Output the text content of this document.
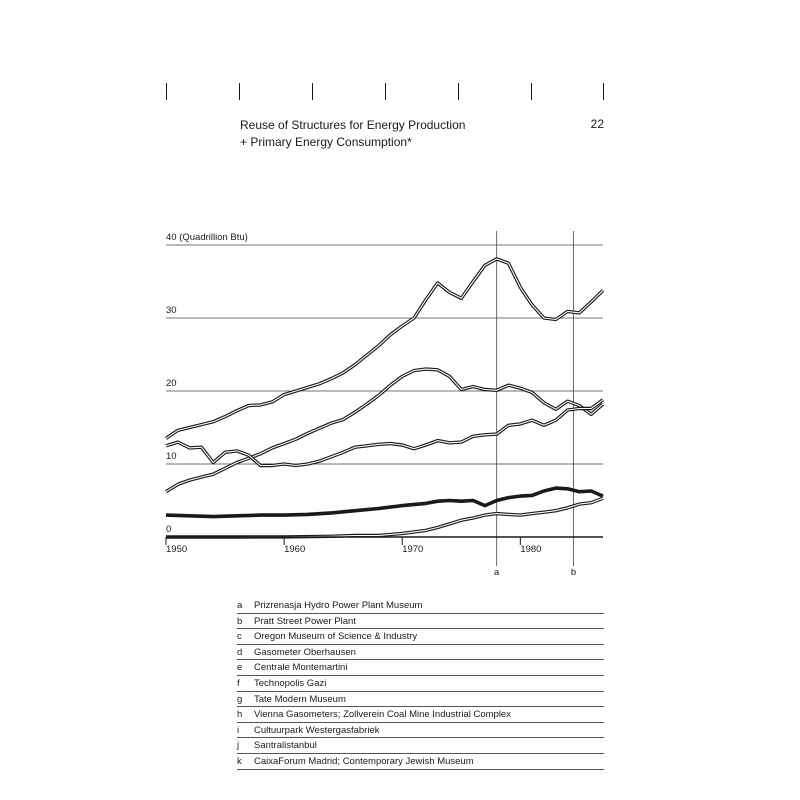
Reuse of Structures for Energy Production
+ Primary Energy Consumption*
22
a	b
0
10
20
30
40 (Quadrillion Btu)
1950	1960	1970	1980
a	Prizrenasja Hydro Power Plant Museum
b	Pratt Street Power Plant
c	Oregon Museum of Science & Industry
d	Gasometer Oberhausen
e	Centrale Montemartini
f	Technopolis Gazi
g	Tate Modern Museum
h	Vienna Gasometers; Zollverein Coal Mine Industrial Complex
i	Cultuurpark Westergasfabriek
j	Santralistanbul
k	CaixaForum Madrid; Contemporary Jewish Museum
